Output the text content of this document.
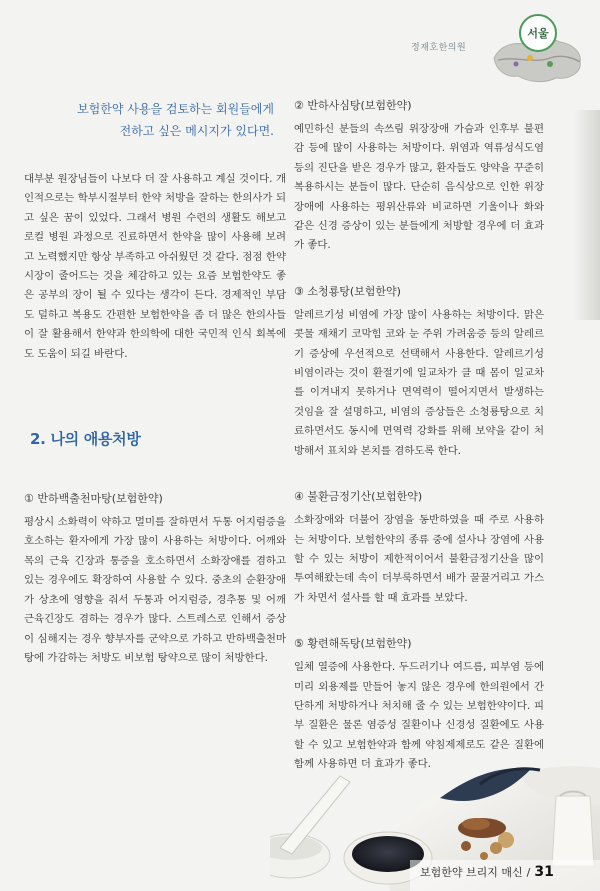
정재호한의원
서울

보험한약 사용을 검토하는 회원들에게

전하고 싶은 메시지가 있다면.

대부분 원장님들이 나보다 더 잘 사용하고 계실 것이다. 개인적으로는 학부시절부터 한약 처방을 잘하는 한의사가 되고 싶은 꿈이 있었다. 그래서 병원 수련의 생활도 해보고 로컬 병원 과정으로 진료하면서 한약을 많이 사용해 보려고 노력했지만 항상 부족하고 아쉬웠던 것 같다. 점점 한약 시장이 줄어드는 것을 체감하고 있는 요즘 보험한약도 좋은 공부의 장이 될 수 있다는 생각이 든다. 경제적인 부담도 덜하고 복용도 간편한 보험한약을 좀 더 많은 한의사들이 잘 활용해서 한약과 한의학에 대한 국민적 인식 회복에도 도움이 되길 바란다.

2. 나의 애용처방
① 반하백출천마탕(보험한약)

평상시 소화력이 약하고 멀미를 잘하면서 두통 어지럼증을 호소하는 환자에게 가장 많이 사용하는 처방이다. 어깨와 목의 근육 긴장과 통증을 호소하면서 소화장애를 겸하고 있는 경우에도 확장하여 사용할 수 있다. 중초의 순환장애가 상초에 영향을 줘서 두통과 어지럼증, 경추통 및 어깨 근육긴장도 겸하는 경우가 많다. 스트레스로 인해서 증상이 심해지는 경우 향부자를 군약으로 가하고 반하백출천마탕에 가감하는 처방도 비보험 탕약으로 많이 처방한다.

② 반하사심탕(보험한약)

예민하신 분들의 속쓰림 위장장애 가슴과 인후부 불편감 등에 많이 사용하는 처방이다. 위염과 역류성식도염 등의 진단을 받은 경우가 많고, 환자들도 양약을 꾸준히 복용하시는 분들이 많다. 단순히 음식상으로 인한 위장장애에 사용하는 평위산류와 비교하면 기울이나 화와 같은 신경 증상이 있는 분들에게 처방할 경우에 더 효과가 좋다.

③ 소청룡탕(보험한약)

알레르기성 비염에 가장 많이 사용하는 처방이다. 맑은 콧물 재채기 코막힘 코와 눈 주위 가려움증 등의 알레르기 증상에 우선적으로 선택해서 사용한다. 알레르기성 비염이라는 것이 환절기에 일교차가 클 때 몸이 일교차를 이겨내지 못하거나 면역력이 떨어지면서 발생하는 것임을 잘 설명하고, 비염의 증상들은 소청룡탕으로 치료하면서도 동시에 면역력 강화를 위해 보약을 같이 처방해서 표치와 본치를 겸하도록 한다.

④ 불환금정기산(보험한약)

소화장애와 더불어 장염을 동반하였을 때 주로 사용하는 처방이다. 보험한약의 종류 중에 설사나 장염에 사용할 수 있는 처방이 제한적이어서 불환금정기산을 많이 투여해왔는데 속이 더부룩하면서 배가 꿀꿀거리고 가스가 차면서 설사를 할 때 효과를 보았다.

⑤ 황련해독탕(보험한약)

일체 열증에 사용한다. 두드러기나 여드름, 피부염 등에 미리 외용제를 만들어 놓지 않은 경우에 한의원에서 간단하게 처방하거나 처치해 줄 수 있는 보험한약이다. 피부 질환은 물론 염증성 질환이나 신경성 질환에도 사용할 수 있고 보험한약과 함께 약침제제로도 같은 질환에 함께 사용하면 더 효과가 좋다.

보험한약 브리지 매신 / 31
